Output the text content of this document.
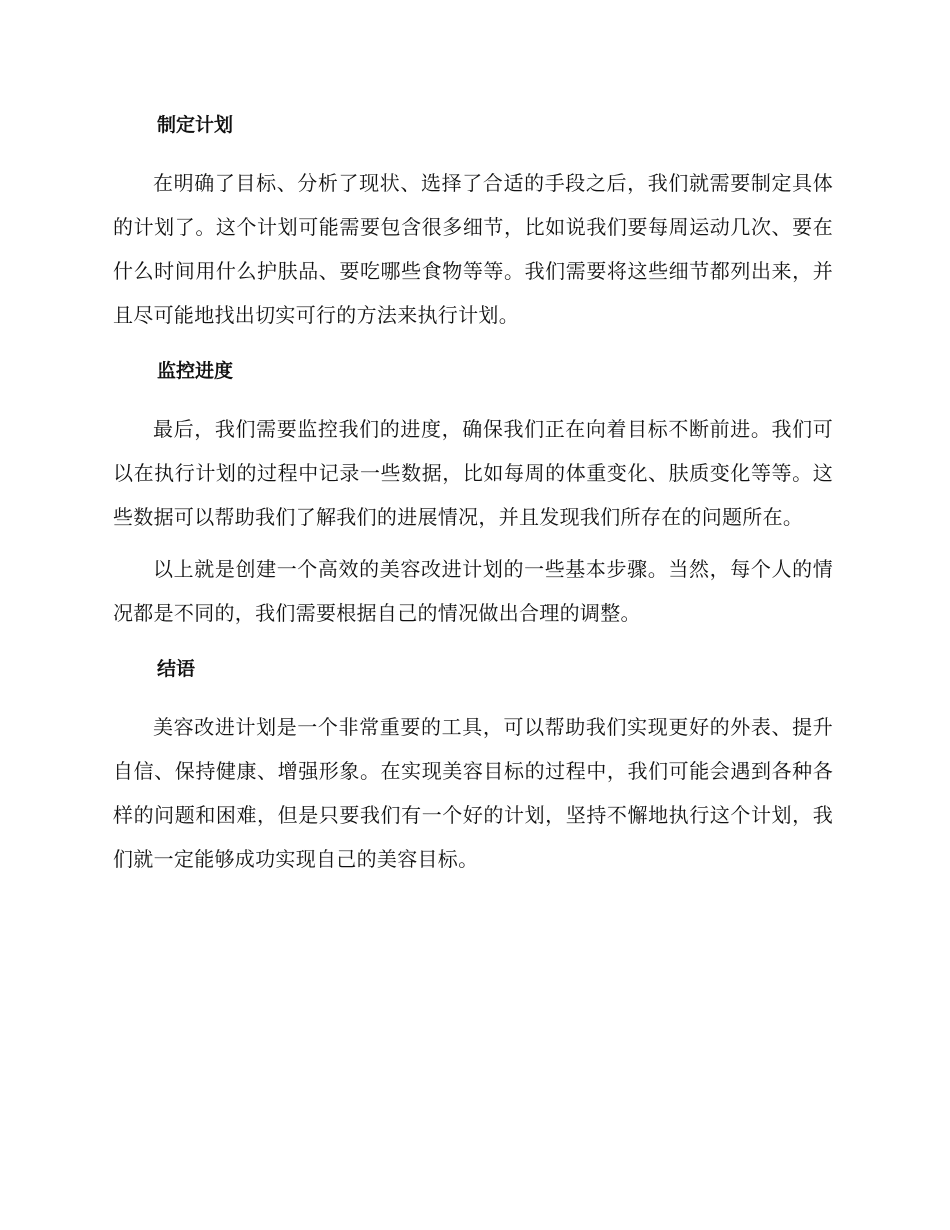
制定计划

在明确了目标、分析了现状、选择了合适的手段之后，我们就需要制定具体的计划了。这个计划可能需要包含很多细节，比如说我们要每周运动几次、要在什么时间用什么护肤品、要吃哪些食物等等。我们需要将这些细节都列出来，并且尽可能地找出切实可行的方法来执行计划。

监控进度

最后，我们需要监控我们的进度，确保我们正在向着目标不断前进。我们可以在执行计划的过程中记录一些数据，比如每周的体重变化、肤质变化等等。这些数据可以帮助我们了解我们的进展情况，并且发现我们所存在的问题所在。

以上就是创建一个高效的美容改进计划的一些基本步骤。当然，每个人的情况都是不同的，我们需要根据自己的情况做出合理的调整。

结语

美容改进计划是一个非常重要的工具，可以帮助我们实现更好的外表、提升自信、保持健康、增强形象。在实现美容目标的过程中，我们可能会遇到各种各样的问题和困难，但是只要我们有一个好的计划，坚持不懈地执行这个计划，我们就一定能够成功实现自己的美容目标。
